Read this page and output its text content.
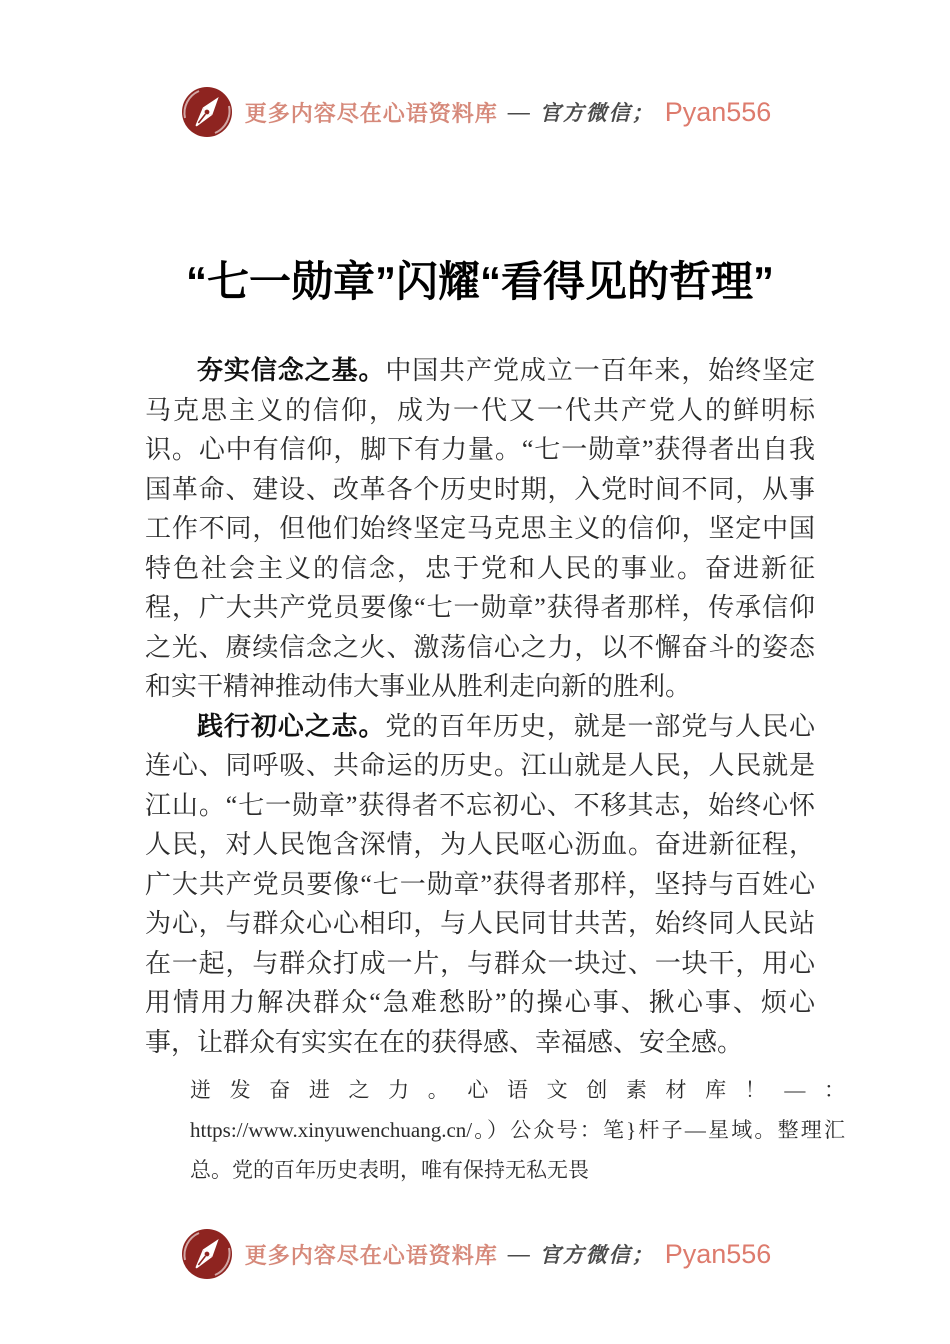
更多内容尽在心语资料库 — 官方微信； Pyan556
“七一勋章”闪耀“看得见的哲理”

夯实信念之基。中国共产党成立一百年来，始终坚定马克思主义的信仰，成为一代又一代共产党人的鲜明标识。心中有信仰，脚下有力量。“七一勋章”获得者出自我国革命、建设、改革各个历史时期，入党时间不同，从事工作不同，但他们始终坚定马克思主义的信仰，坚定中国特色社会主义的信念，忠于党和人民的事业。奋进新征程，广大共产党员要像“七一勋章”获得者那样，传承信仰之光、赓续信念之火、激荡信心之力，以不懈奋斗的姿态和实干精神推动伟大事业从胜利走向新的胜利。

践行初心之志。党的百年历史，就是一部党与人民心连心、同呼吸、共命运的历史。江山就是人民，人民就是江山。“七一勋章”获得者不忘初心、不移其志，始终心怀人民，对人民饱含深情，为人民呕心沥血。奋进新征程，广大共产党员要像“七一勋章”获得者那样，坚持与百姓心为心，与群众心心相印，与人民同甘共苦，始终同人民站在一起，与群众打成一片，与群众一块过、一块干，用心用情用力解决群众“急难愁盼”的操心事、揪心事、烦心事，让群众有实实在在的获得感、幸福感、安全感。

迸发奋进之力。心语文创素材库！—：https://www.xinyuwenchuang.cn/。）公众号：笔}杆子—星域。整理汇总。党的百年历史表明，唯有保持无私无畏

更多内容尽在心语资料库 — 官方微信； Pyan556
